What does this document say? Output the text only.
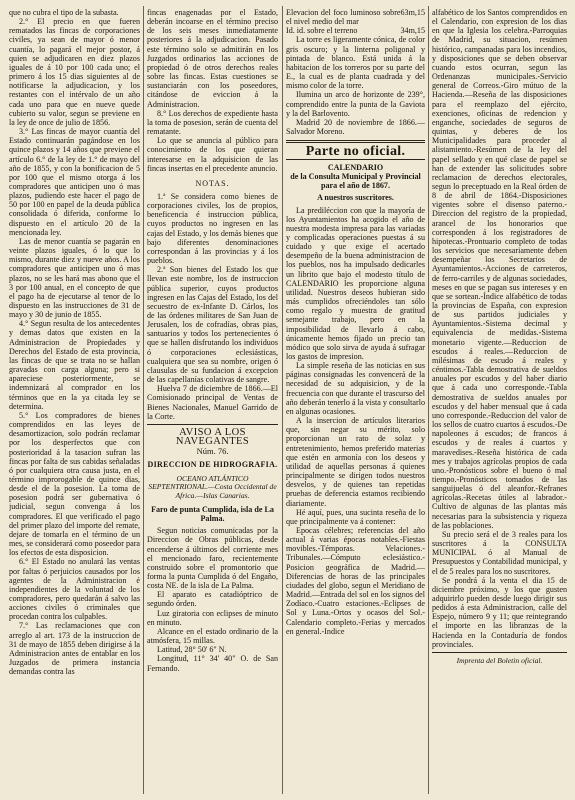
que no cubra el tipo de la subasta.

2.° El precio en que fueren rematados las fincas de corporaciones civiles, ya sean de mayor ó menor cuantía, lo pagará el mejor postor, á quien se adjudicaren en diez plazos iguales de á 10 por 100 cada uno; el primero á los 15 dias siguientes al de notificarse la adjudicacion, y los restantes con el intérvalo de un año cada uno para que en nueve quede cubierto su valor, segun se previene en la ley de once de julio de 1856.

3.° Las fincas de mayor cuantía del Estado continuarán pagándose en los quince plazos y 14 años que previene el artículo 6.° de la ley de 1.° de mayo del año de 1855, y con la bonificacion de 5 por 100 que el mismo otorga á los compradores que anticipen uno ó mas plazos, pudiendo este hacer el pago de 50 por 100 en papel de la deuda pública consolidada ó diferida, conforme lo dispuesto en el artículo 20 de la mencionada ley.

Las de menor cuantía se pagarán en veinte plazos iguales, ó lo que lo mismo, durante diez y nueve años. A los compradores que anticipen uno ó mas plazos, no se les hará mas abono que el 3 por 100 anual, en el concepto de que el pago ha de ejecutarse al tenor de lo dispuesto en las instrucciones de 31 de mayo y 30 de junio de 1855.

4.° Segun resulta de los antecedentes y demas datos que existen en la Administracion de Propiedades y Derechos del Estado de esta provincia, las fincas de que se trata no se hallan gravadas con carga alguna; pero si apareciese posteriormente, se indemnizará al comprador en los términos que en la ya citada ley se determina.

5.° Los compradores de bienes comprendidos en las leyes de desamortizacion, solo podrán reclamar por los desperfectos que con posterioridad á la tasacion sufran las fincas por falta de sus cabidas señaladas ó por cualquiera otra causa justa, en el término improrogable de quince dias, desde el de la posesion. La toma de posesion podrá ser gubernativa ó judicial, segun convenga á los compradores. El que verificado el pago del primer plazo del importe del remate, dejare de tomarla en el término de un mes, se considerará como poseedor para los efectos de esta disposicion.

6.° El Estado no anulará las ventas por faltas ó perjuicios causados por los agentes de la Administracion é independientes de la voluntad de los compradores, pero quedarán á salvo las acciones civiles ó criminales que procedan contra los culpables.

7.° Las reclamaciones que con arreglo al art. 173 de la instruccion de 31 de mayo de 1855 deben dirigirse á la Administracion antes de entablar en los Juzgados de primera instancia demandas contra las

fincas enagenadas por el Estado, deberán incoarse en el término preciso de los seis meses inmediatamente posteriores á la adjudicacion. Pasado este término solo se admitirán en los Juzgados ordinarios las acciones de propiedad ó de otros derechos reales sobre las fincas. Estas cuestiones se sustanciarán con los poseedores, citándose de eviccion á la Administracion.

8.° Los derechos de expediente hasta la toma de posesion, serán de cuenta del rematante.

Lo que se anuncia al público para conocimiento de los que quieran interesarse en la adquisicion de las fincas insertas en el precedente anuncio.

NOTAS.

1.ª Se considera como bienes de corporaciones civiles, los de propios, beneficencia é instruccion pública, cuyos productos no ingresen en las cajas del Estado, y los demás bienes que bajo diferentes denominaciones correspondan á las provincias y á los pueblos.

2.ª Son bienes del Estado los que llevan este nombre, los de instruccion pública superior, cuyos productos ingresen en las Cajas del Estado, los del secuestro de ex-Infante D. Cárlos, los de las órdenes militares de San Juan de Jerusalen, los de cofradías, obras pias, santuarios y todos los pertenecientes ó que se hallen disfrutando los individuos ó corporaciones eclesiásticas, cualquiera que sea su nombre, origen ó clausulas de su fundacion á excepcion de las capellanías colativas de sangre.

Huelva 7 de diciembre de 1866.—El Comisionado principal de Ventas de Bienes Nacionales, Manuel Garrido de la Corte.

AVISO A LOS NAVEGANTES
Núm. 76.
DIRECCION DE HIDROGRAFIA.
OCEANO ATLÁNTICO SEPTENTRIONAL.—Costa Occidental de Africa.—Islas Canarias.
Faro de punta Cumplida, isla de La Palma.

Segun noticias comunicadas por la Direccion de Obras públicas, desde encenderse á últimos del corriente mes el mencionado faro, recientemente construido sobre el promontorio que forma la punta Cumplida ó del Engaño, costa NE. de la isla de La Palma.

El aparato es catadióptrico de segundo órden.

Luz giratoria con eclipses de minuto en minuto.

Alcance en el estado ordinario de la atmósfera, 15 millas.

Latitud, 28° 50' 6" N.

Longitud, 11° 34' 40" O. de San Fernando.

Elevacion del foco luminoso sobre el nivel medio del mar
63m,15
Id. id. sobre el terreno	34m,15

La torre es ligeramente cónica, de color gris oscuro; y la linterna poligonal y pintada de blanco. Está unida á la habitacion de los torreros por su parte del E., la cual es de planta cuadrada y del mismo color de la torre.

Ilumina un arco de horizonte de 239°, comprendido entre la punta de la Gaviota y la del Barlovento.

Madrid 20 de noviembre de 1866.—Salvador Moreno.

Parte no oficial.
CALENDARIO
de la Consulta Municipal y Provincial
para el año de 1867.
A nuestros suscritores.

La prediléccion con que la mayoría de los Ayuntamientos ha acogido el año de nuestra modesta impresa para las variadas y complicadas operaciones puestas á su cuidado y que exige el acertado desempeño de la buena administracion de los pueblos, nos ha impulsado dedicarles un librito que bajo el modesto título de CALENDARIO les proporcione alguna utilidad. Nuestros deseos hubieran sido más cumplidos ofreciéndoles tan sólo como regalo y muestra de gratitud semejante trabajo, pero en la imposibilidad de llevarlo á cabo, únicamente hemos fijado un precio tan módico que solo sirva de ayuda á sufragar los gastos de impresion.

La simple reseña de las noticias en sus páginas consignadas les convencerá de la necesidad de su adquisicion, y de la frecuencia con que durante el trascurso del año deberán tenerlo á la vista y consultarlo en algunas ocasiones.

A la insercion de artículos literarios que, sin negar su mérito, solo proporcionan un rato de solaz y entretenimiento, hemos preferido materias que estén en armonía con los deseos y utilidad de aquellas personas á quienes principalmente se dirigen todos nuestros desvelos, y de quienes tan repetidas pruebas de deferencia estamos recibiendo diariamente.

Hé aquí, pues, una sucinta reseña de lo que principalmente va á contener:

Epocas célebres; referencias del año actual á varias épocas notables.-Fiestas movibles.-Témporas. Velaciones.-Tribunales.—Cómputo eclesiástico.-Posicion geográfica de Madrid.—Diferencias de horas de las principales ciudades del globo, segun el Meridiano de Madrid.—Entrada del sol en los signos del Zodíaco.-Cuatro estaciones.-Eclipses de Sol y Luna.-Ortos y ocasos del Sol.-Calendario completo.-Ferias y mercados en general.-Indice

alfabético de los Santos comprendidos en el Calendario, con expresion de los dias en que la Iglesia los celebra.-Parroquias de Madrid, su situacion, resúmen histórico, campanadas para los incendios, y disposiciones que se deben observar cuando estos ocurran, segun las Ordenanzas municipales.-Servicio general de Correos.-Giro mútuo de la Hacienda.—Reseña de las disposiciones para el reemplazo del ejército, exenciones, oficinas de redencion y enganche, sociedades de seguros de quintas, y deberes de los Municipalidades para proceder al alistamiento.-Resúmen de la ley del papel sellado y en qué clase de papel se han de extender las solicitudes sobre reclamacion de derechos electorales, segun lo preceptuado en la Real órden de 8 de abril de 1864.-Disposiciones vigentes sobre el disenso paterno.-Direccion del registro de la propiedad, arancel de los honorarios que corresponden á los registradores de hipotecas.-Prontuario completo de todas los servicios que necesariamente deben desempeñar los Secretarios de Ayuntamientos.-Acciones de carreteros, de ferro-carriles y de algunas sociedades, meses en que se pagan sus intereses y en que se sortean.-Índice alfabético de todas la provincias de España, con expresion de sus partidos judiciales y Ayuntamientos.-Sistema decimal y equivalencia de medidas.-Sistema monetario vigente.—Reduccion de escudos á reales.—Reduccion de milésimas de escudo á reales y céntimos.-Tabla demostrativa de sueldos anuales por escudos y del haber diario que á cada uno corresponde.-Tabla demostrativa de sueldos anuales por escudos y del haber mensual que á cada uno corresponde.-Reduccion del valor de los sellos de cuatro cuartos á escudos.-De napoleones á escudos; de francos á escudos y de reales á cuartos y maravedises.-Reseña histórica de cada mes y trabajos agrícolas propios de cada uno.-Pronósticos sobre el bueno ó mal tiempo.-Pronósticos tomados de las sanguijuelas ó del aleanfor.-Refranes agrícolas.-Recetas útiles al labrador.-Cultivo de algunas de las plantas más necesarias para la subsistencia y riqueza de las poblaciones.

Su precio será el de 3 reales para los suscritores á la CONSULTA MUNICIPAL ó al Manual de Presupuestos y Contabilidad municipal, y el de 5 reales para los no suscritores.

Se pondrá á la venta el dia 15 de diciembre próximo, y los que gusten adquirirlo pueden desde luego dirigir sus pedidos á esta Administracion, calle del Espejo, número 9 y 11; que reintegrando el importe en las libranzas de la Hacienda en la Contaduría de fondos provinciales.

Imprenta del Boletin oficial.
